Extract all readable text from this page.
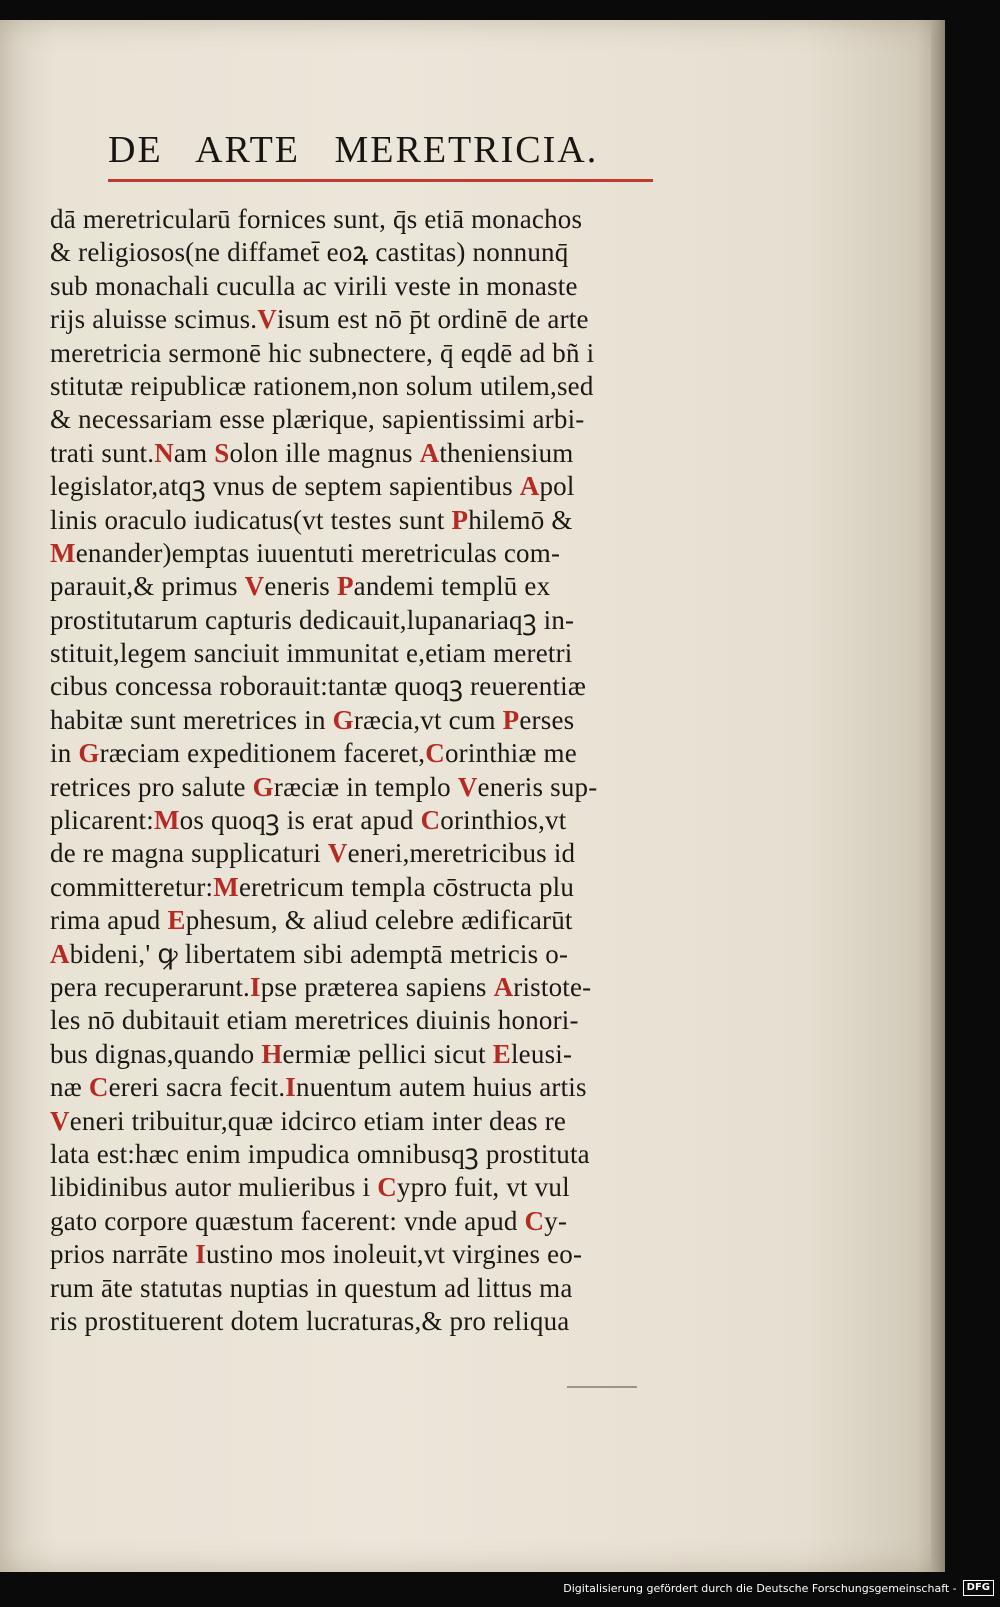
DE   ARTE   MERETRICIA.
dā meretricularū fornices sunt, q̄s etiā monachos
& religiosos(ne diffamet̄ eoꝝ castitas) nonnunq̄
sub monachali cuculla ac virili veste in monaste
rijs aluisse scimus.Visum est nō p̄t ordinē de arte
meretricia sermonē hic subnectere, q̄ eqdē ad bñ i
stitutæ reipublicæ rationem,non solum utilem,sed
& necessariam esse plærique, sapientissimi arbi-
trati sunt.Nam Solon ille magnus Atheniensium
legislator,atqꝫ vnus de septem sapientibus Apol
linis oraculo iudicatus(vt testes sunt Philemō &
Menander)emptas iuuentuti meretriculas com-
parauit,& primus Veneris Pandemi templū ex
prostitutarum capturis dedicauit,lupanariaqꝫ in-
stituit,legem sanciuit immunitat e,etiam meretri
cibus concessa roborauit:tantæ quoqꝫ reuerentiæ
habitæ sunt meretrices in Græcia,vt cum Perses
in Græciam expeditionem faceret,Corinthiæ me
retrices pro salute Græciæ in templo Veneris sup-
plicarent:Mos quoqꝫ is erat apud Corinthios,vt
de re magna supplicaturi Veneri,meretricibus id
committeretur:Meretricum templa cōstructa plu
rima apud Ephesum, & aliud celebre ædificarūt
Abideni,' ꝙ libertatem sibi ademptā metricis o-
pera recuperarunt.Ipse præterea sapiens Aristote-
les nō dubitauit etiam meretrices diuinis honori-
bus dignas,quando Hermiæ pellici sicut Eleusi-
næ Cereri sacra fecit.Inuentum autem huius artis
Veneri tribuitur,quæ idcirco etiam inter deas re
lata est:hæc enim impudica omnibusqꝫ prostituta
libidinibus autor mulieribus i Cypro fuit, vt vul
gato corpore quæstum facerent: vnde apud Cy-
prios narrāte Iustino mos inoleuit,vt virgines eo-
rum āte statutas nuptias in questum ad littus ma
ris prostituerent dotem lucraturas,& pro reliqua
Digitalisierung gefördert durch die Deutsche Forschungsgemeinschaft -	DFG
